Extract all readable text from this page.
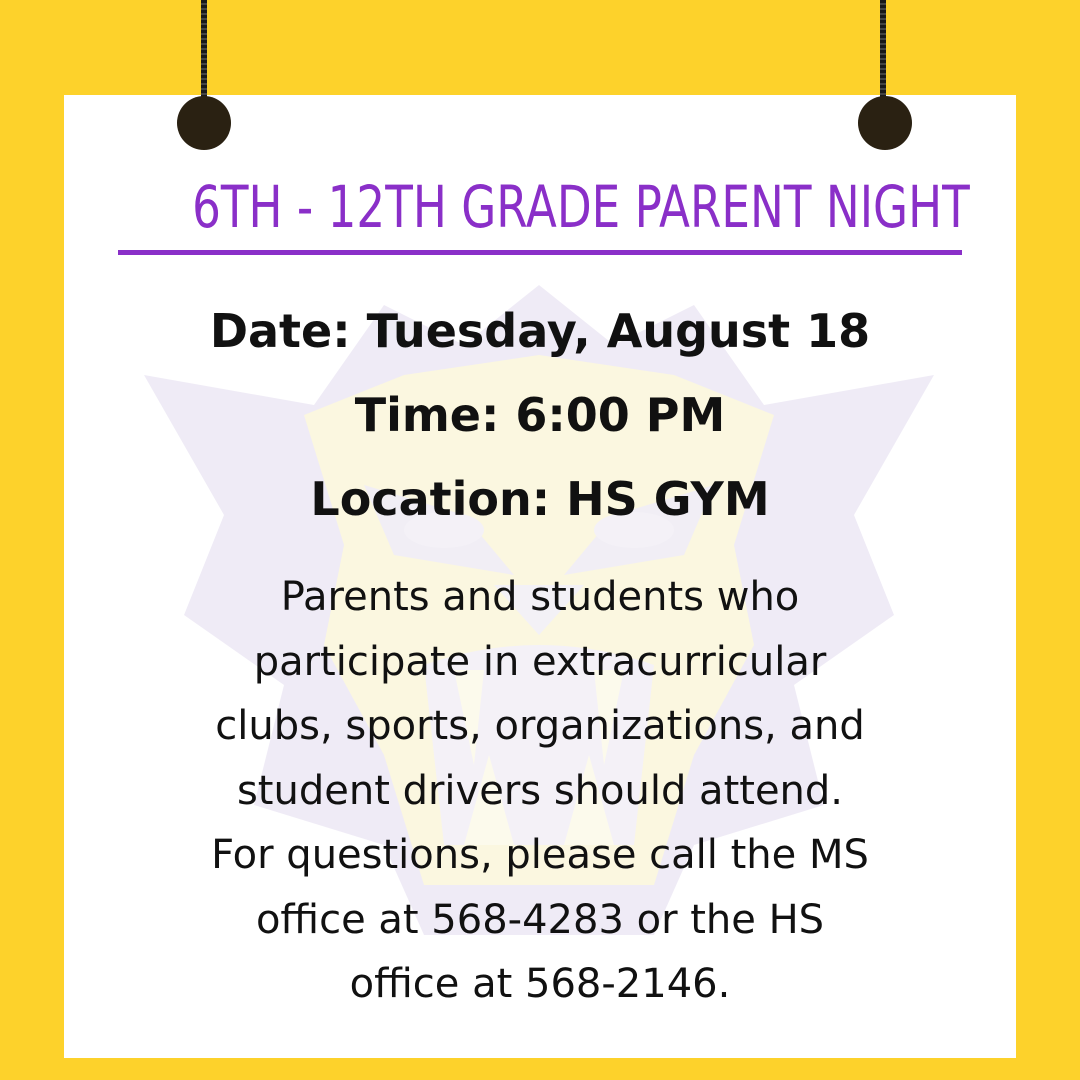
6TH - 12TH GRADE PARENT NIGHT
Date: Tuesday, August 18
Time: 6:00 PM
Location: HS GYM
Parents and students who
participate in extracurricular
clubs, sports, organizations, and
student drivers should attend.
For questions, please call the MS
office at 568-4283 or the HS
office at 568-2146.
